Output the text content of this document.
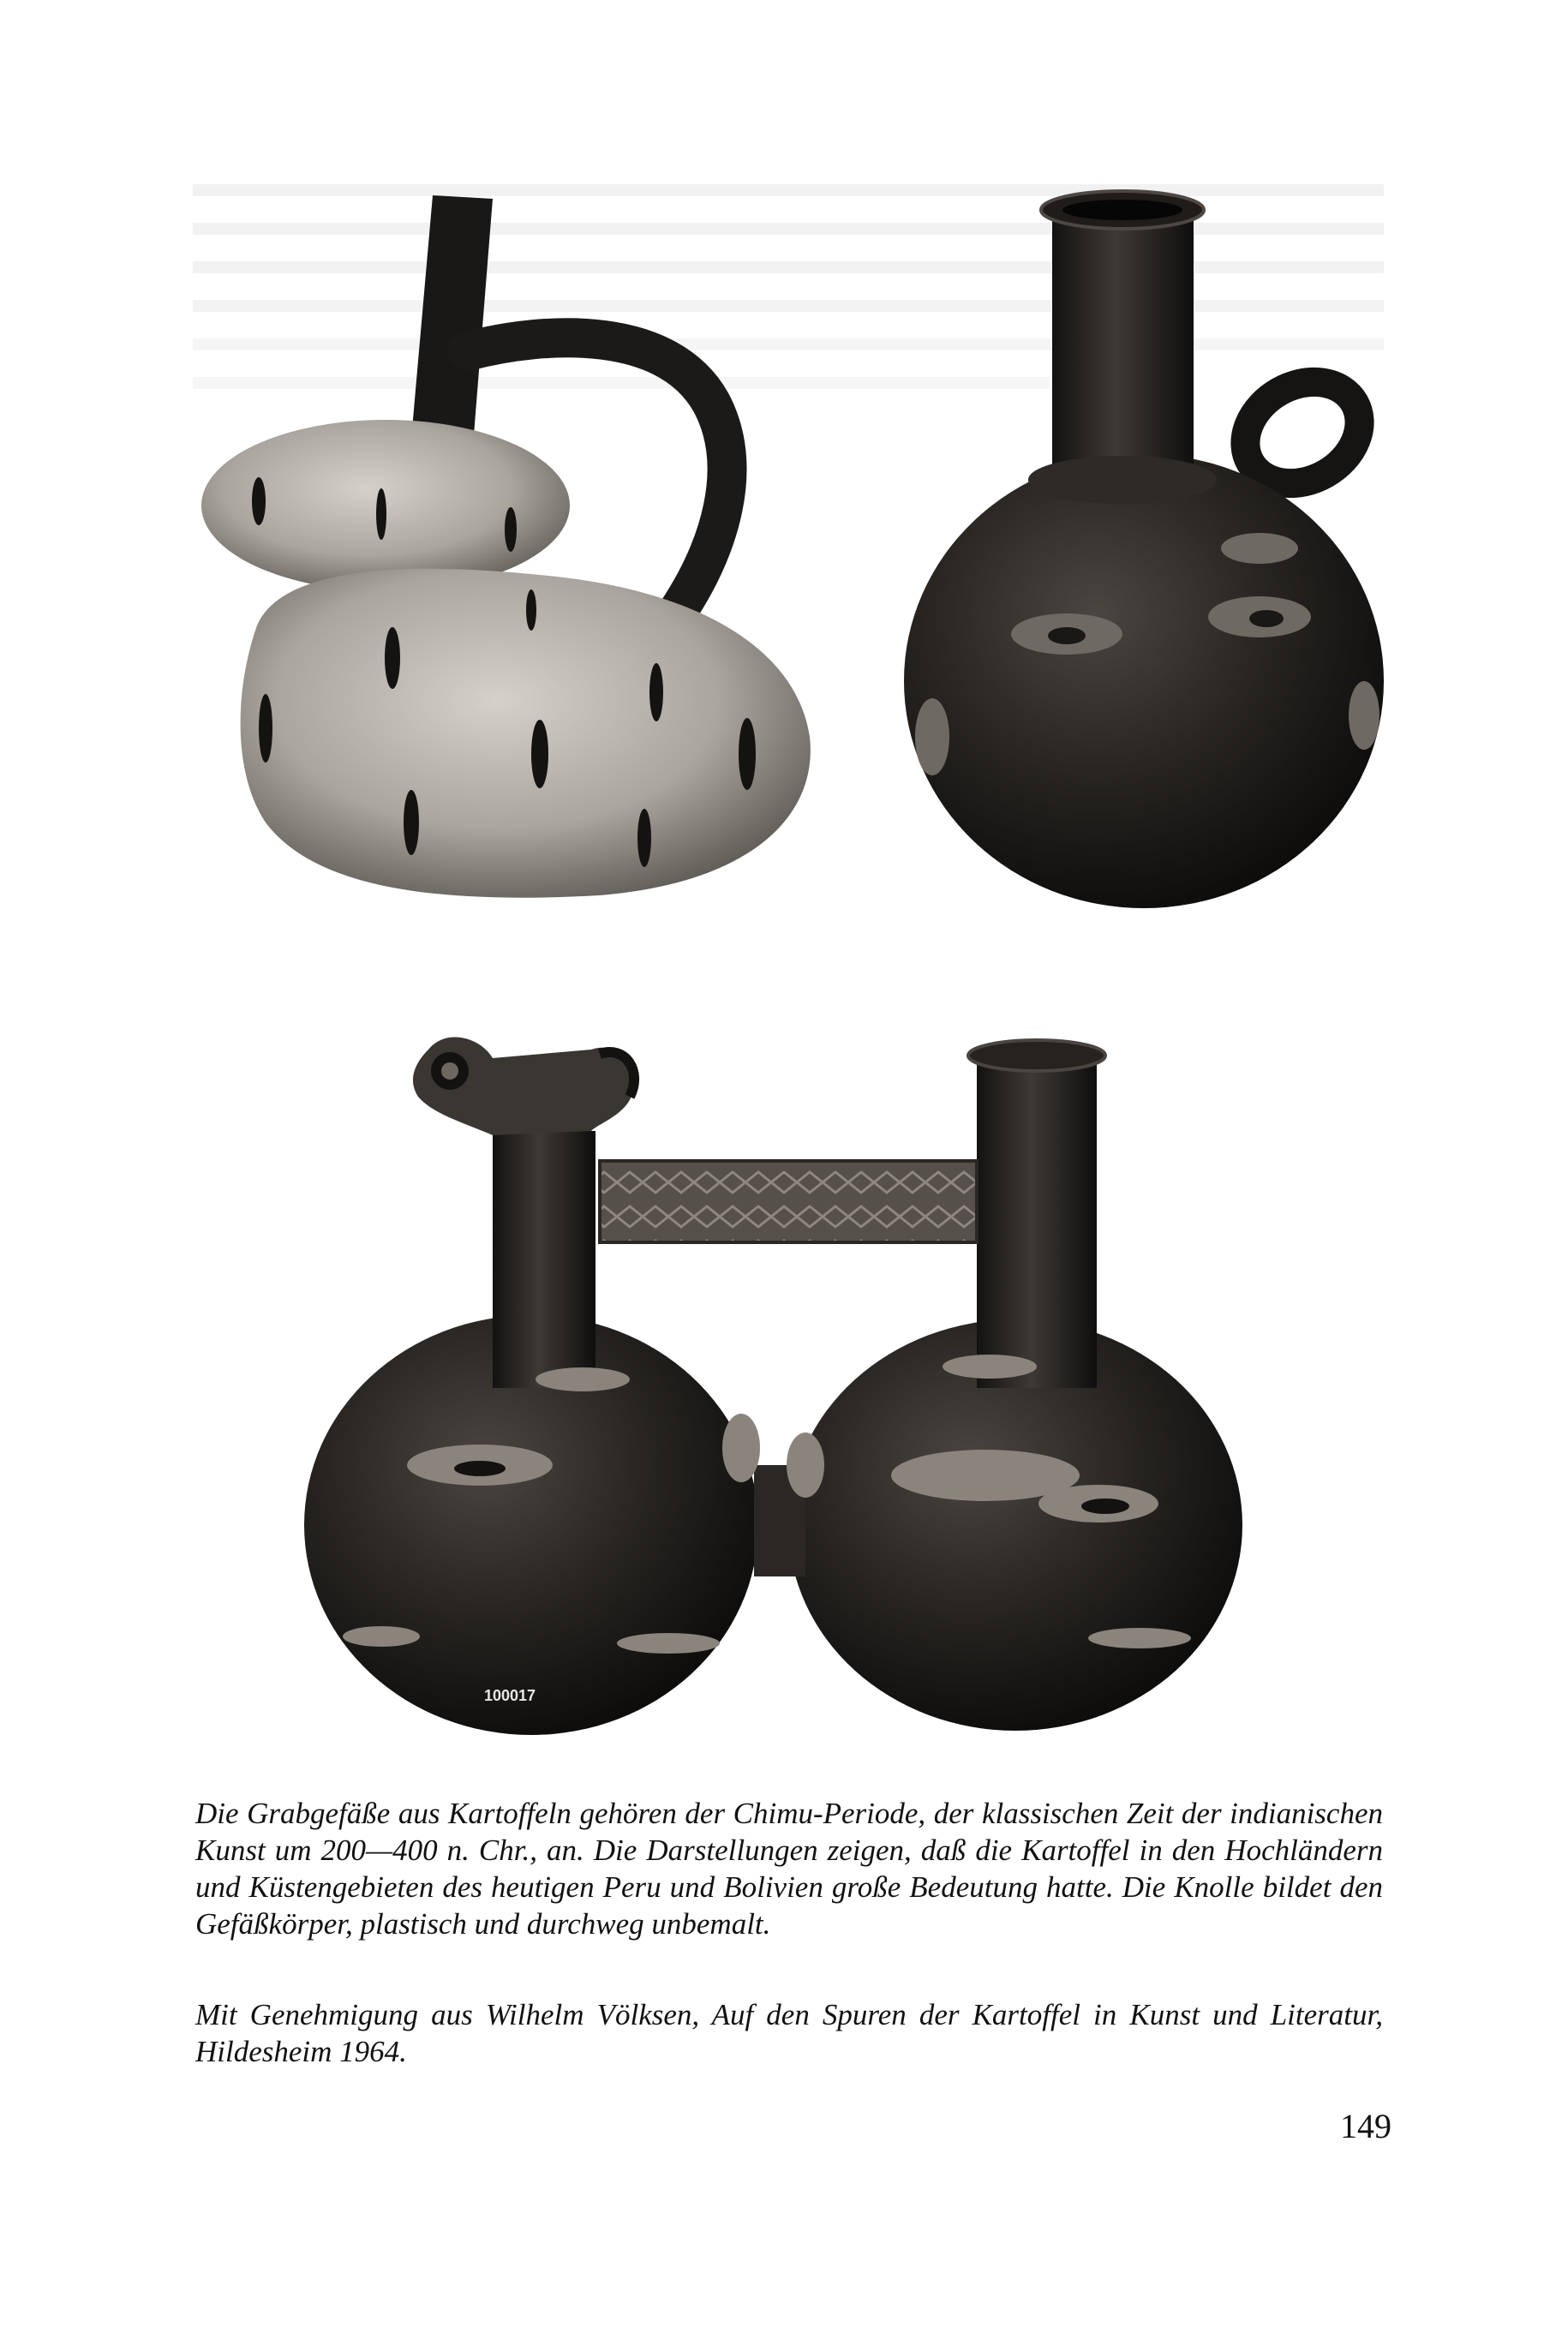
100017

Die Grabgefäße aus Kartoffeln gehören der Chimu-Periode, der klassischen Zeit der indianischen Kunst um 200—400 n. Chr., an. Die Darstellungen zeigen, daß die Kartoffel in den Hochländern und Küstengebieten des heutigen Peru und Bolivien große Bedeutung hatte. Die Knolle bildet den Gefäßkörper, plastisch und durchweg unbemalt.

Mit Genehmigung aus Wilhelm Völksen, Auf den Spuren der Kartoffel in Kunst und Literatur, Hildesheim 1964.

149
